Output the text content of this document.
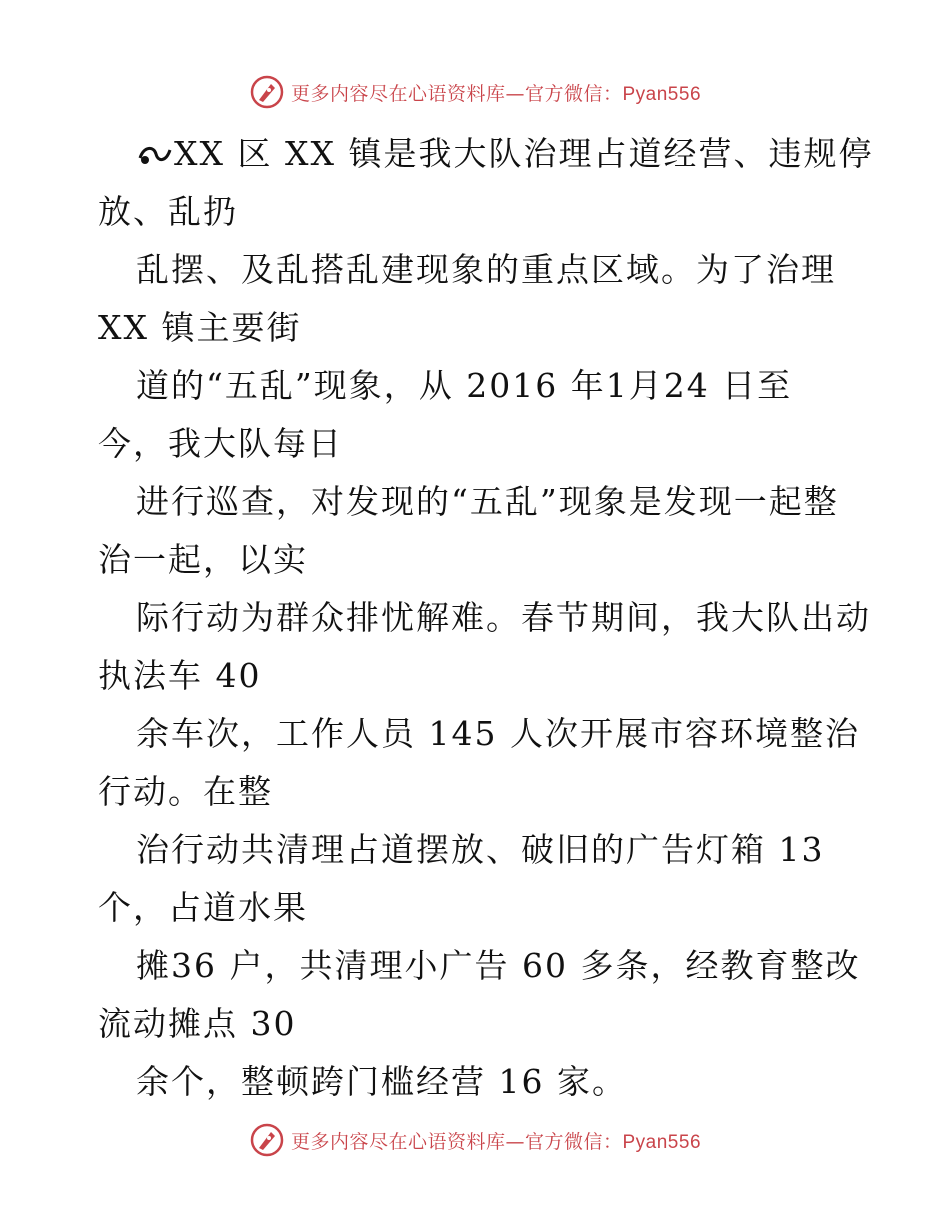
更多内容尽在心语资料库—官方微信：Pyan556
XX 区 XX 镇是我大队治理占道经营、违规停
放、乱扔
乱摆、及乱搭乱建现象的重点区域。为了治理
XX 镇主要街
道的“五乱”现象，从 2016 年1月24 日至
今，我大队每日
进行巡查，对发现的“五乱”现象是发现一起整
治一起，以实
际行动为群众排忧解难。春节期间，我大队出动
执法车 40
余车次，工作人员 145 人次开展市容环境整治
行动。在整
治行动共清理占道摆放、破旧的广告灯箱 13
个，占道水果
摊36 户，共清理小广告 60 多条，经教育整改
流动摊点 30
余个，整顿跨门槛经营 16 家。
更多内容尽在心语资料库—官方微信：Pyan556
